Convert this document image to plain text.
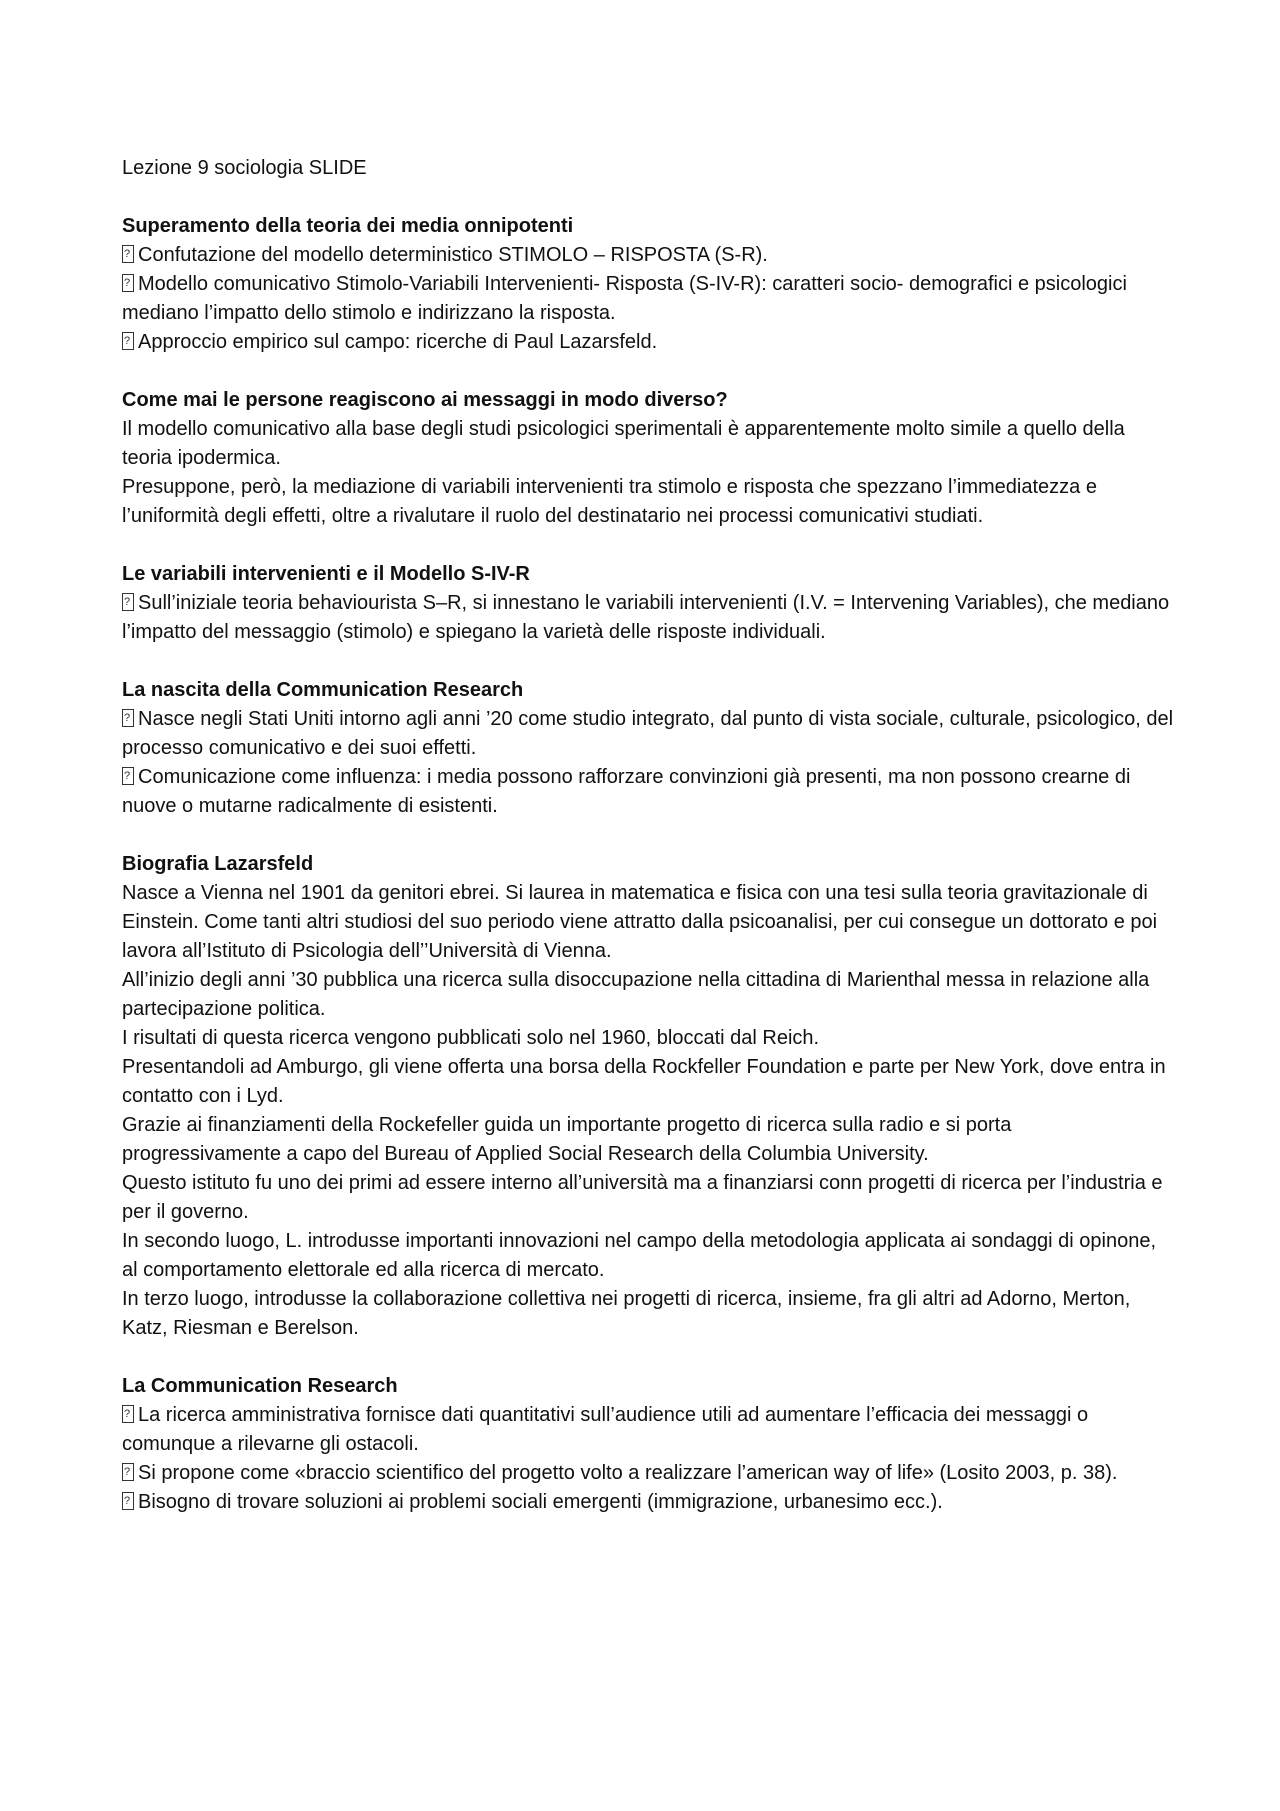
Lezione 9 sociologia SLIDE

Superamento della teoria dei media onnipotenti

?Confutazione del modello deterministico STIMOLO – RISPOSTA (S-R).

?Modello comunicativo Stimolo-Variabili Intervenienti- Risposta (S-IV-R): caratteri socio- demografici e psicologici mediano l’impatto dello stimolo e indirizzano la risposta.

?Approccio empirico sul campo: ricerche di Paul Lazarsfeld.

Come mai le persone reagiscono ai messaggi in modo diverso?

Il modello comunicativo alla base degli studi psicologici sperimentali è apparentemente molto simile a quello della teoria ipodermica.

Presuppone, però, la mediazione di variabili intervenienti tra stimolo e risposta che spezzano l’immediatezza e l’uniformità degli effetti, oltre a rivalutare il ruolo del destinatario nei processi comunicativi studiati.

Le variabili intervenienti e il Modello S-IV-R

?Sull’iniziale teoria behaviourista S–R, si innestano le variabili intervenienti (I.V. = Intervening Variables), che mediano l’impatto del messaggio (stimolo) e spiegano la varietà delle risposte individuali.

La nascita della Communication Research

?Nasce negli Stati Uniti intorno agli anni ’20 come studio integrato, dal punto di vista sociale, culturale, psicologico, del processo comunicativo e dei suoi effetti.

?Comunicazione come influenza: i media possono rafforzare convinzioni già presenti, ma non possono crearne di nuove o mutarne radicalmente di esistenti.

Biografia Lazarsfeld

Nasce a Vienna nel 1901 da genitori ebrei. Si laurea in matematica e fisica con una tesi sulla teoria gravitazionale di Einstein. Come tanti altri studiosi del suo periodo viene attratto dalla psicoanalisi, per cui consegue un dottorato e poi lavora all’Istituto di Psicologia dell’’Università di Vienna.

All’inizio degli anni ’30 pubblica una ricerca sulla disoccupazione nella cittadina di Marienthal messa in relazione alla partecipazione politica.

I risultati di questa ricerca vengono pubblicati solo nel 1960, bloccati dal Reich.

Presentandoli ad Amburgo, gli viene offerta una borsa della Rockfeller Foundation e parte per New York, dove entra in contatto con i Lyd.

Grazie ai finanziamenti della Rockefeller guida un importante progetto di ricerca sulla radio e si porta progressivamente a capo del Bureau of Applied Social Research della Columbia University.

Questo istituto fu uno dei primi ad essere interno all’università ma a finanziarsi conn progetti di ricerca per l’industria e per il governo.

In secondo luogo, L. introdusse importanti innovazioni nel campo della metodologia applicata ai sondaggi di opinone, al comportamento elettorale ed alla ricerca di mercato.

In terzo luogo, introdusse la collaborazione collettiva nei progetti di ricerca, insieme, fra gli altri ad Adorno, Merton, Katz, Riesman e Berelson.

La Communication Research

?La ricerca amministrativa fornisce dati quantitativi sull’audience utili ad aumentare l’efficacia dei messaggi o comunque a rilevarne gli ostacoli.

?Si propone come «braccio scientifico del progetto volto a realizzare l’american way of life» (Losito 2003, p. 38).

?Bisogno di trovare soluzioni ai problemi sociali emergenti (immigrazione, urbanesimo ecc.).
